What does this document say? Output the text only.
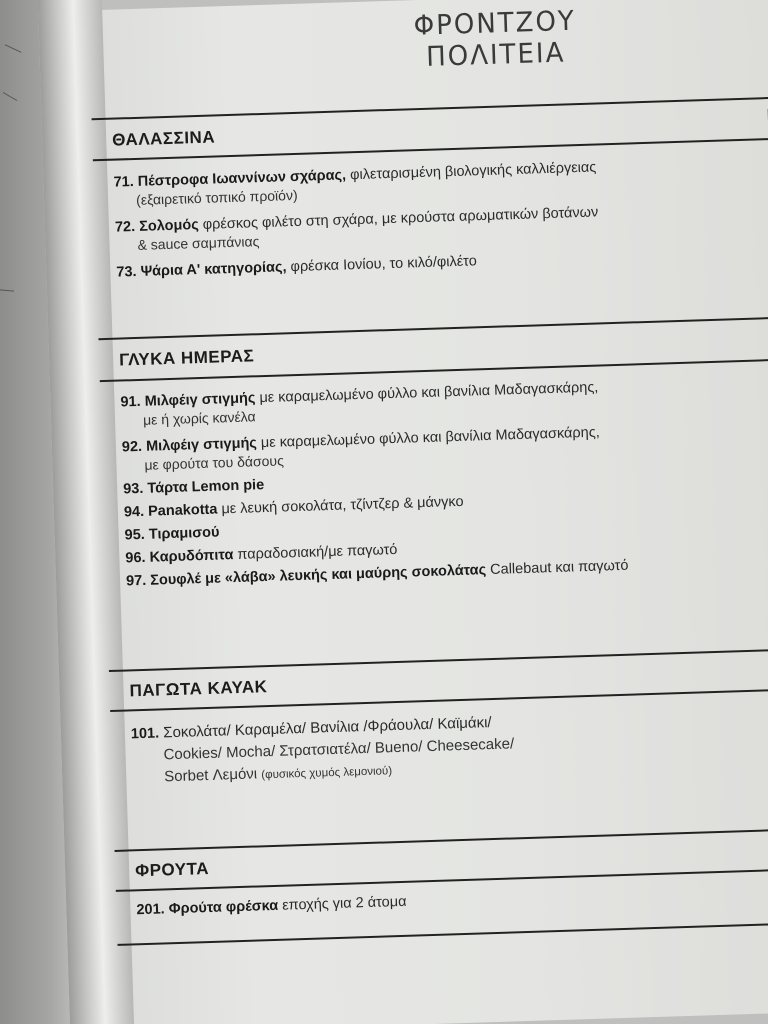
ΦΡΟΝΤΖΟΥ
ΠΟΛΙΤΕΙΑ
ΘΑΛΑΣΣΙΝΑ

71. Πέστροφα Ιωαννίνων σχάρας, φιλεταρισμένη βιολογικής καλλιέργειας
(εξαιρετικό τοπικό προϊόν)

72. Σολομός φρέσκος φιλέτο στη σχάρα, με κρούστα αρωματικών βοτάνων
& sauce σαμπάνιας

73. Ψάρια Α' κατηγορίας, φρέσκα Ιονίου, το κιλό/φιλέτο

ΓΛΥΚΑ ΗΜΕΡΑΣ

91. Μιλφέιγ στιγμής με καραμελωμένο φύλλο και βανίλια Μαδαγασκάρης,
με ή χωρίς κανέλα

92. Μιλφέιγ στιγμής με καραμελωμένο φύλλο και βανίλια Μαδαγασκάρης,
με φρούτα του δάσους

93. Τάρτα Lemon pie

94. Panakotta με λευκή σοκολάτα, τζίντζερ & μάνγκο

95. Τιραμισού

96. Καρυδόπιτα παραδοσιακή/με παγωτό

97. Σουφλέ με «λάβα» λευκής και μαύρης σοκολάτας Callebaut και παγωτό

ΠΑΓΩΤΑ ΚΑΥΑΚ

101. Σοκολάτα/ Καραμέλα/ Βανίλια /Φράουλα/ Καϊμάκι/
Cookies/ Mocha/ Στρατσιατέλα/ Bueno/ Cheesecake/
Sorbet Λεμόνι (φυσικός χυμός λεμονιού)

ΦΡΟΥΤΑ

201. Φρούτα φρέσκα εποχής για 2 άτομα
